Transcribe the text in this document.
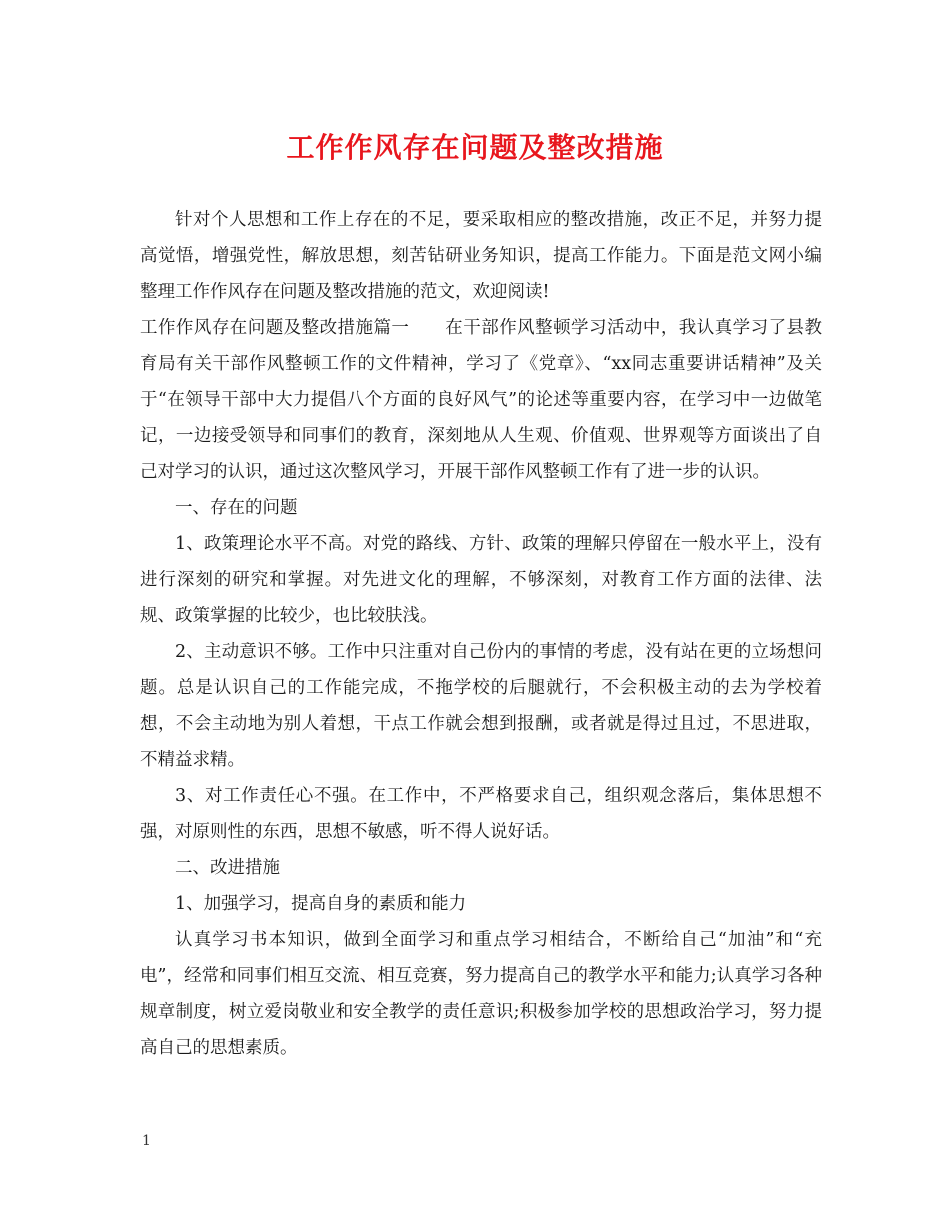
工作作风存在问题及整改措施

针对个人思想和工作上存在的不足，要采取相应的整改措施，改正不足，并努力提高觉悟，增强党性，解放思想，刻苦钻研业务知识，提高工作能力。下面是范文网小编整理工作作风存在问题及整改措施的范文，欢迎阅读!

工作作风存在问题及整改措施篇一　　在干部作风整顿学习活动中，我认真学习了县教育局有关干部作风整顿工作的文件精神，学习了《党章》、“xx同志重要讲话精神”及关于“在领导干部中大力提倡八个方面的良好风气”的论述等重要内容，在学习中一边做笔记，一边接受领导和同事们的教育，深刻地从人生观、价值观、世界观等方面谈出了自己对学习的认识，通过这次整风学习，开展干部作风整顿工作有了进一步的认识。

一、存在的问题

1、政策理论水平不高。对党的路线、方针、政策的理解只停留在一般水平上，没有进行深刻的研究和掌握。对先进文化的理解，不够深刻，对教育工作方面的法律、法规、政策掌握的比较少，也比较肤浅。

2、主动意识不够。工作中只注重对自己份内的事情的考虑，没有站在更的立场想问题。总是认识自己的工作能完成，不拖学校的后腿就行，不会积极主动的去为学校着想，不会主动地为别人着想，干点工作就会想到报酬，或者就是得过且过，不思进取，不精益求精。

3、对工作责任心不强。在工作中，不严格要求自己，组织观念落后，集体思想不强，对原则性的东西，思想不敏感，听不得人说好话。

二、改进措施

1、加强学习，提高自身的素质和能力

认真学习书本知识，做到全面学习和重点学习相结合，不断给自己“加油”和“充电”，经常和同事们相互交流、相互竞赛，努力提高自己的教学水平和能力;认真学习各种规章制度，树立爱岗敬业和安全教学的责任意识;积极参加学校的思想政治学习，努力提高自己的思想素质。

1
